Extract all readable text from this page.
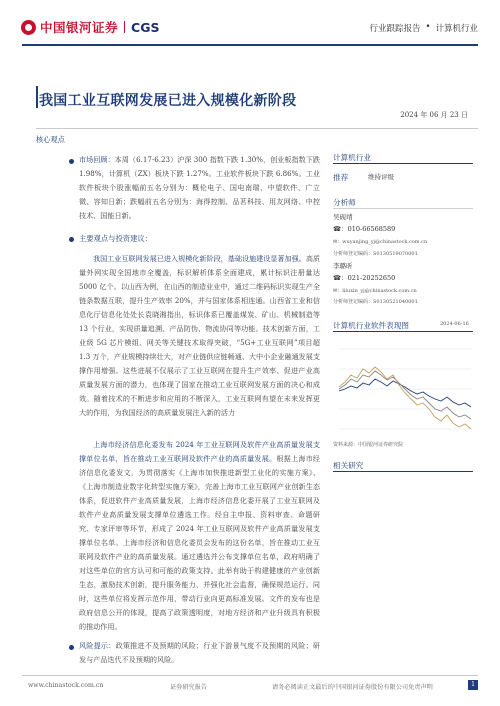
中国银河证券 CGS	行业跟踪报告 • 计算机行业
我国工业互联网发展已进入规模化新阶段
2024 年 06 月 23 日
核心观点
市场回顾：本周（6.17-6.23）沪深 300 指数下跌 1.30%，创业板指数下跌 1.98%，计算机（ZX）板块下跌 1.27%。工业软件板块下跌 6.86%。工业软件板块个股涨幅前五名分别为：概伦电子、国电南瑞、中望软件、广立微、容知日新；跌幅前五名分别为：海得控制、品茗科技、用友网络、中控技术、国能日新。
主要观点与投资建议：
我国工业互联网发展已进入规模化新阶段，基础设施建设显著加强。高质量外网实现全国地市全覆盖，标识解析体系全面建成，累计标识注册量达 5000 亿个。以山西为例，在山西的制造业业中，通过二维码标识实现生产全链条数据互联，提升生产效率 20%，并与国家体系相连通。山西省工业和信息化厅信息化处处长袁晓湘指出，标识体系已覆盖煤炭、矿山、机械制造等 13 个行业，实现质量追溯、产品防伪、物流协同等功能。技术创新方面，工业级 5G 芯片模组、网关等关键技术取得突破，“5G+工业互联网”项目超 1.3 万个，产业规模持续壮大，对产业链供应链畅通、大中小企业融通发展支撑作用增强。这些进展不仅展示了工业互联网在提升生产效率、促进产业高质量发展方面的潜力，也体现了国家在推动工业互联网发展方面的决心和成效。随着技术的不断进步和应用的不断深入，工业互联网有望在未来发挥更大的作用，为我国经济的高质量发展注入新的活力
上海市经济信息化委发布 2024 年工业互联网及软件产业高质量发展支撑单位名单，旨在推动工业互联网及软件产业的高质量发展。根据上海市经济信息化委发文，为贯彻落实《上海市加快推进新型工业化的实施方案》、《上海市制造业数字化转型实施方案》，完善上海市工业互联网产业创新生态体系，促进软件产业高质量发展，上海市经济信息化委开展了工业互联网及软件产业高质量发展支撑单位遴选工作。经自主申报、资料审查、命题研究、专家评审等环节，形成了 2024 年工业互联网及软件产业高质量发展支撑单位名单。上海市经济和信息化委员会发布的这份名单，旨在推动工业互联网及软件产业的高质量发展。通过遴选并公布支撑单位名单，政府明确了对这些单位的官方认可和可能的政策支持。此举有助于构建健康的产业创新生态，激励技术创新，提升服务能力，并强化社会监督，确保规范运行。同时，这些单位将发挥示范作用，带动行业向更高标准发展。文件的发布也是政府信息公开的体现，提高了政策透明度，对地方经济和产业升级具有积极的推动作用。
风险提示：政策推进不及预期的风险；行业下游景气度不及预期的风险；研发与产品迭代不及预期的风险。
计算机行业
推荐	维持评级
分析师
吴砚靖
☎：010-66568589
✉：wuyanjing_yj@chinastock.com.cn
分析师登记编码：S0130519070001
李璐昕
☎：021-20252650
✉：liluxin_yj@chinastock.com.cn
分析师登记编码：S0130521040001
计算机行业软件表现图	2024-06-16
资料来源：中国银河证券研究院
相关研究
www.chinastock.com.cn	证券研究报告	请务必阅读正文最后的中国银河证券股份有限公司免责声明	1
